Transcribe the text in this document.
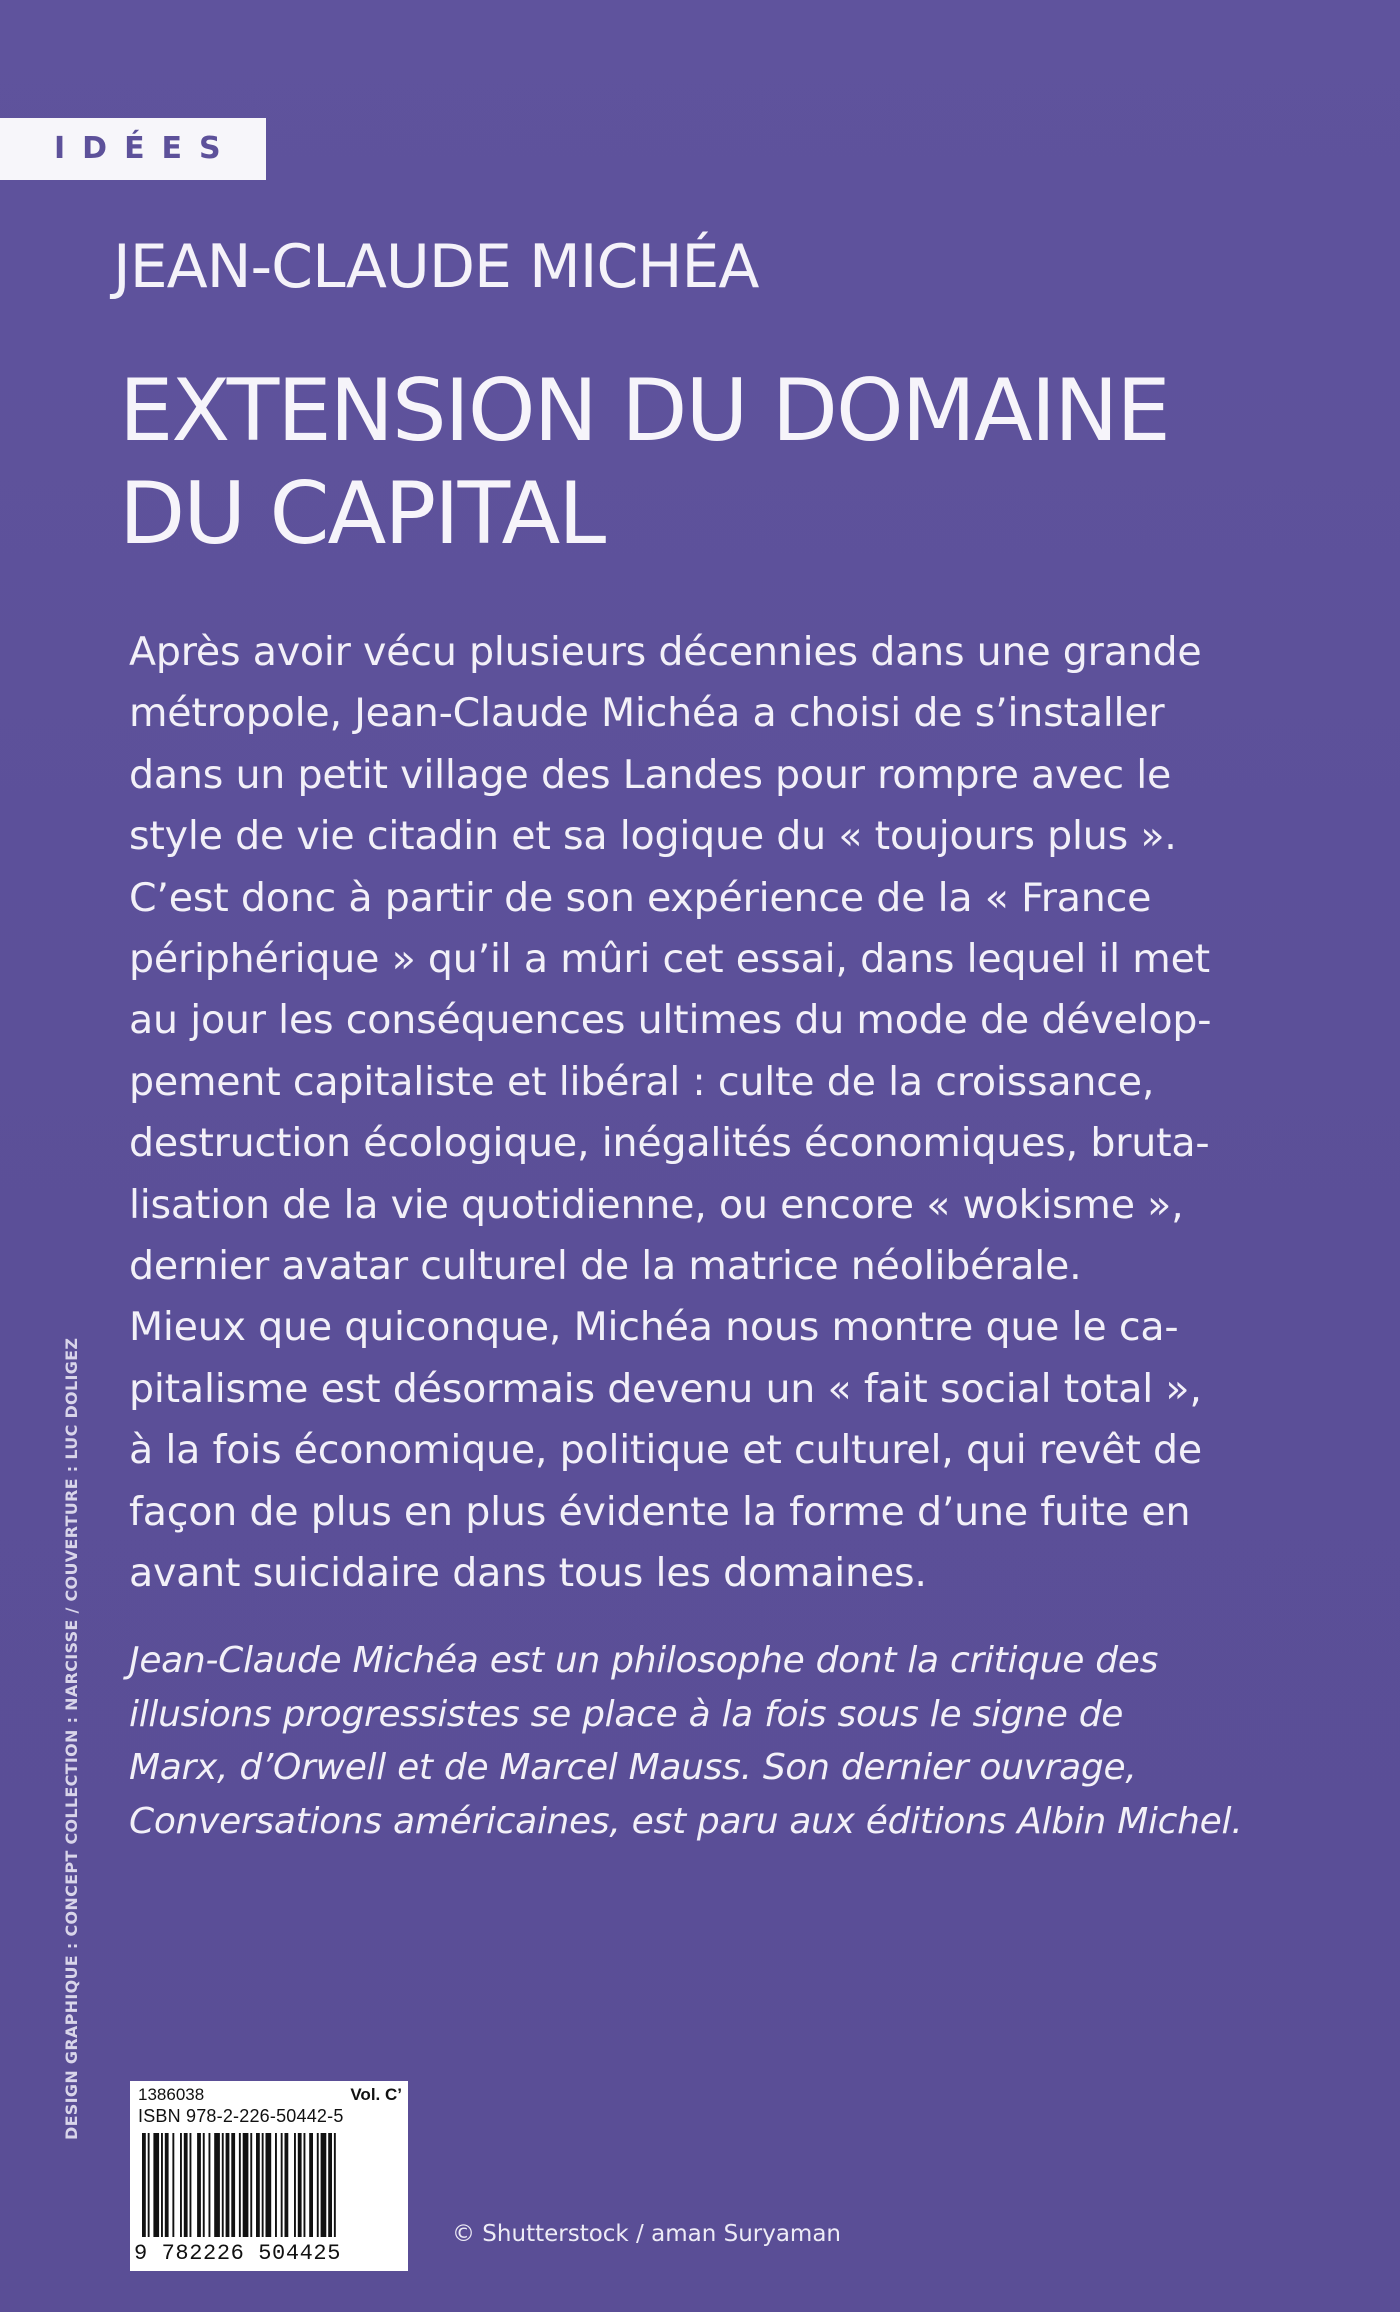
IDÉES
JEAN-CLAUDE MICHÉA
EXTENSION DU DOMAINE
DU CAPITAL
Après avoir vécu plusieurs décennies dans une grande
métropole, Jean-Claude Michéa a choisi de s’installer
dans un petit village des Landes pour rompre avec le
style de vie citadin et sa logique du « toujours plus ».
C’est donc à partir de son expérience de la « France
périphérique » qu’il a mûri cet essai, dans lequel il met
au jour les conséquences ultimes du mode de dévelop-
pement capitaliste et libéral : culte de la croissance,
destruction écologique, inégalités économiques, bruta-
lisation de la vie quotidienne, ou encore « wokisme »,
dernier avatar culturel de la matrice néolibérale.
Mieux que quiconque, Michéa nous montre que le ca-
pitalisme est désormais devenu un « fait social total »,
à la fois économique, politique et culturel, qui revêt de
façon de plus en plus évidente la forme d’une fuite en
avant suicidaire dans tous les domaines.
Jean-Claude Michéa est un philosophe dont la critique des
illusions progressistes se place à la fois sous le signe de
Marx, d’Orwell et de Marcel Mauss. Son dernier ouvrage,
Conversations américaines, est paru aux éditions Albin Michel.
DESIGN GRAPHIQUE : CONCEPT COLLECTION : NARCISSE / COUVERTURE : LUC DOLIGEZ	1386038	Vol. C’
ISBN 978-2-226-50442-5
9 782226 504425
© Shutterstock / aman Suryaman
